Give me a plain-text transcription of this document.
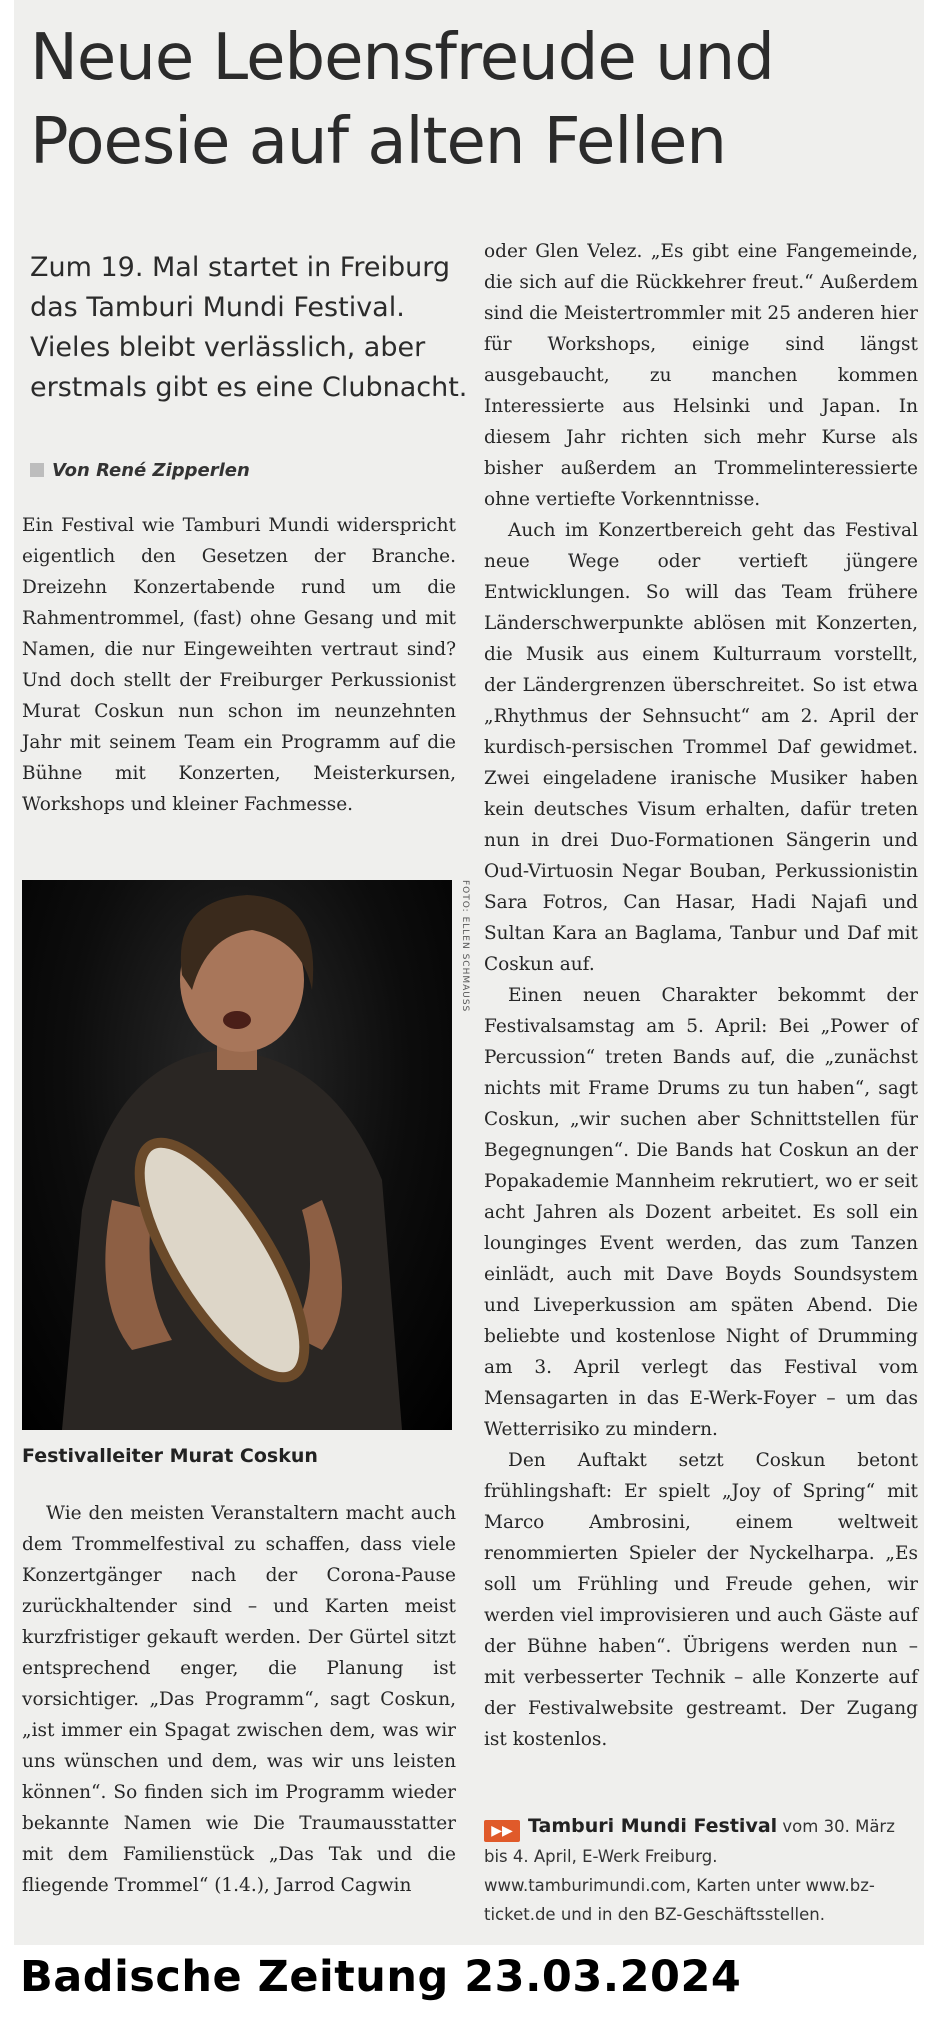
Neue Lebensfreude und Poesie auf alten Fellen
Zum 19. Mal startet in Freiburg das Tamburi Mundi Festival. Vieles bleibt verlässlich, aber erstmals gibt es eine Clubnacht.
Von René Zipperlen

Ein Festival wie Tamburi Mundi widerspricht eigentlich den Gesetzen der Branche. Dreizehn Konzertabende rund um die Rahmentrommel, (fast) ohne Gesang und mit Namen, die nur Eingeweihten vertraut sind? Und doch stellt der Freiburger Perkussionist Murat Coskun nun schon im neunzehnten Jahr mit seinem Team ein Programm auf die Bühne mit Konzerten, Meisterkursen, Workshops und kleiner Fachmesse.

FOTO: ELLEN SCHMAUSS
Festivalleiter Murat Coskun

Wie den meisten Veranstaltern macht auch dem Trommelfestival zu schaffen, dass viele Konzertgänger nach der Corona-Pause zurückhaltender sind – und Karten meist kurzfristiger gekauft werden. Der Gürtel sitzt entsprechend enger, die Planung ist vorsichtiger. „Das Programm“, sagt Coskun, „ist immer ein Spagat zwischen dem, was wir uns wünschen und dem, was wir uns leisten können“. So finden sich im Programm wieder bekannte Namen wie Die Traumausstatter mit dem Familienstück „Das Tak und die fliegende Trommel“ (1.4.), Jarrod Cagwin

oder Glen Velez. „Es gibt eine Fangemeinde, die sich auf die Rückkehrer freut.“ Außerdem sind die Meistertrommler mit 25 anderen hier für Workshops, einige sind längst ausgebaucht, zu manchen kommen Interessierte aus Helsinki und Japan. In diesem Jahr richten sich mehr Kurse als bisher außerdem an Trommelinteressierte ohne vertiefte Vorkenntnisse.

Auch im Konzertbereich geht das Festival neue Wege oder vertieft jüngere Entwicklungen. So will das Team frühere Länderschwerpunkte ablösen mit Konzerten, die Musik aus einem Kulturraum vorstellt, der Ländergrenzen überschreitet. So ist etwa „Rhythmus der Sehnsucht“ am 2. April der kurdisch-persischen Trommel Daf gewidmet. Zwei eingeladene iranische Musiker haben kein deutsches Visum erhalten, dafür treten nun in drei Duo-Formationen Sängerin und Oud-Virtuosin Negar Bouban, Perkussionistin Sara Fotros, Can Hasar, Hadi Najafi und Sultan Kara an Baglama, Tanbur und Daf mit Coskun auf.

Einen neuen Charakter bekommt der Festivalsamstag am 5. April: Bei „Power of Percussion“ treten Bands auf, die „zunächst nichts mit Frame Drums zu tun haben“, sagt Coskun, „wir suchen aber Schnittstellen für Begegnungen“. Die Bands hat Coskun an der Popakademie Mannheim rekrutiert, wo er seit acht Jahren als Dozent arbeitet. Es soll ein lounginges Event werden, das zum Tanzen einlädt, auch mit Dave Boyds Soundsystem und Liveperkussion am späten Abend. Die beliebte und kostenlose Night of Drumming am 3. April verlegt das Festival vom Mensagarten in das E-Werk-Foyer – um das Wetterrisiko zu mindern.

Den Auftakt setzt Coskun betont frühlingshaft: Er spielt „Joy of Spring“ mit Marco Ambrosini, einem weltweit renommierten Spieler der Nyckelharpa. „Es soll um Frühling und Freude gehen, wir werden viel improvisieren und auch Gäste auf der Bühne haben“. Übrigens werden nun – mit verbesserter Technik – alle Konzerte auf der Festivalwebsite gestreamt. Der Zugang ist kostenlos.

▶▶ Tamburi Mundi Festival vom 30. März bis 4. April, E-Werk Freiburg. www.tamburimundi.com, Karten unter www.bz-ticket.de und in den BZ-Geschäftsstellen.
Badische Zeitung 23.03.2024
